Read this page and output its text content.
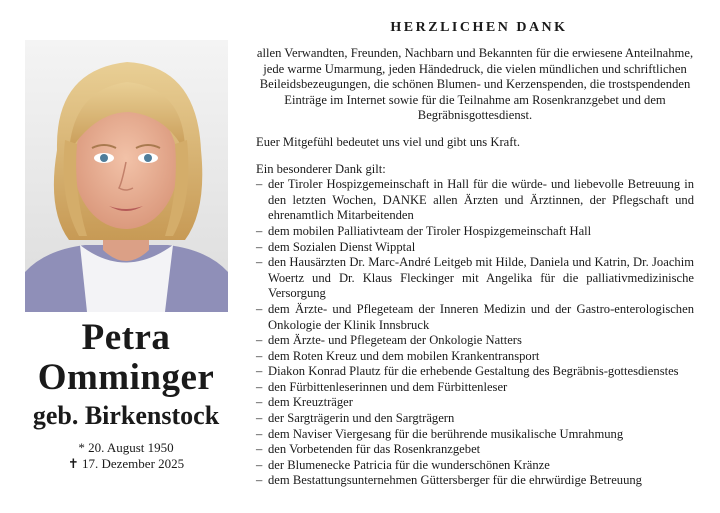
Petra
Omminger
geb. Birkenstock
* 20. August 1950
✝ 17. Dezember 2025
HERZLICHEN DANK

allen Verwandten, Freunden, Nachbarn und Bekannten für die erwiesene Anteilnahme, jede warme Umarmung, jeden Händedruck, die vielen mündlichen und schriftlichen Beileidsbezeugungen, die schönen Blumen- und Kerzenspenden, die trostspendenden Einträge im Internet sowie für die Teilnahme am Rosenkranzgebet und dem Begräbnisgottesdienst.

Euer Mitgefühl bedeutet uns viel und gibt uns Kraft.

Ein besonderer Dank gilt:

– der Tiroler Hospizgemeinschaft in Hall für die würde- und liebevolle Betreuung in den letzten Wochen, DANKE allen Ärzten und Ärztinnen, der Pflegschaft und ehrenamtlich Mitarbeitenden
– dem mobilen Palliativteam der Tiroler Hospizgemeinschaft Hall
– dem Sozialen Dienst Wipptal
– den Hausärzten Dr. Marc-André Leitgeb mit Hilde, Daniela und Katrin, Dr. Joachim Woertz und Dr. Klaus Fleckinger mit Angelika für die palliativmedizinische Versorgung
– dem Ärzte- und Pflegeteam der Inneren Medizin und der Gastro-enterologischen Onkologie der Klinik Innsbruck
– dem Ärzte- und Pflegeteam der Onkologie Natters
– dem Roten Kreuz und dem mobilen Krankentransport
– Diakon Konrad Plautz für die erhebende Gestaltung des Begräbnis-gottesdienstes
– den Fürbittenleserinnen und dem Fürbittenleser
– dem Kreuzträger
– der Sargträgerin und den Sargträgern
– dem Naviser Viergesang für die berührende musikalische Umrahmung
– den Vorbetenden für das Rosenkranzgebet
– der Blumenecke Patricia für die wunderschönen Kränze
– dem Bestattungsunternehmen Güttersberger für die ehrwürdige Betreuung
